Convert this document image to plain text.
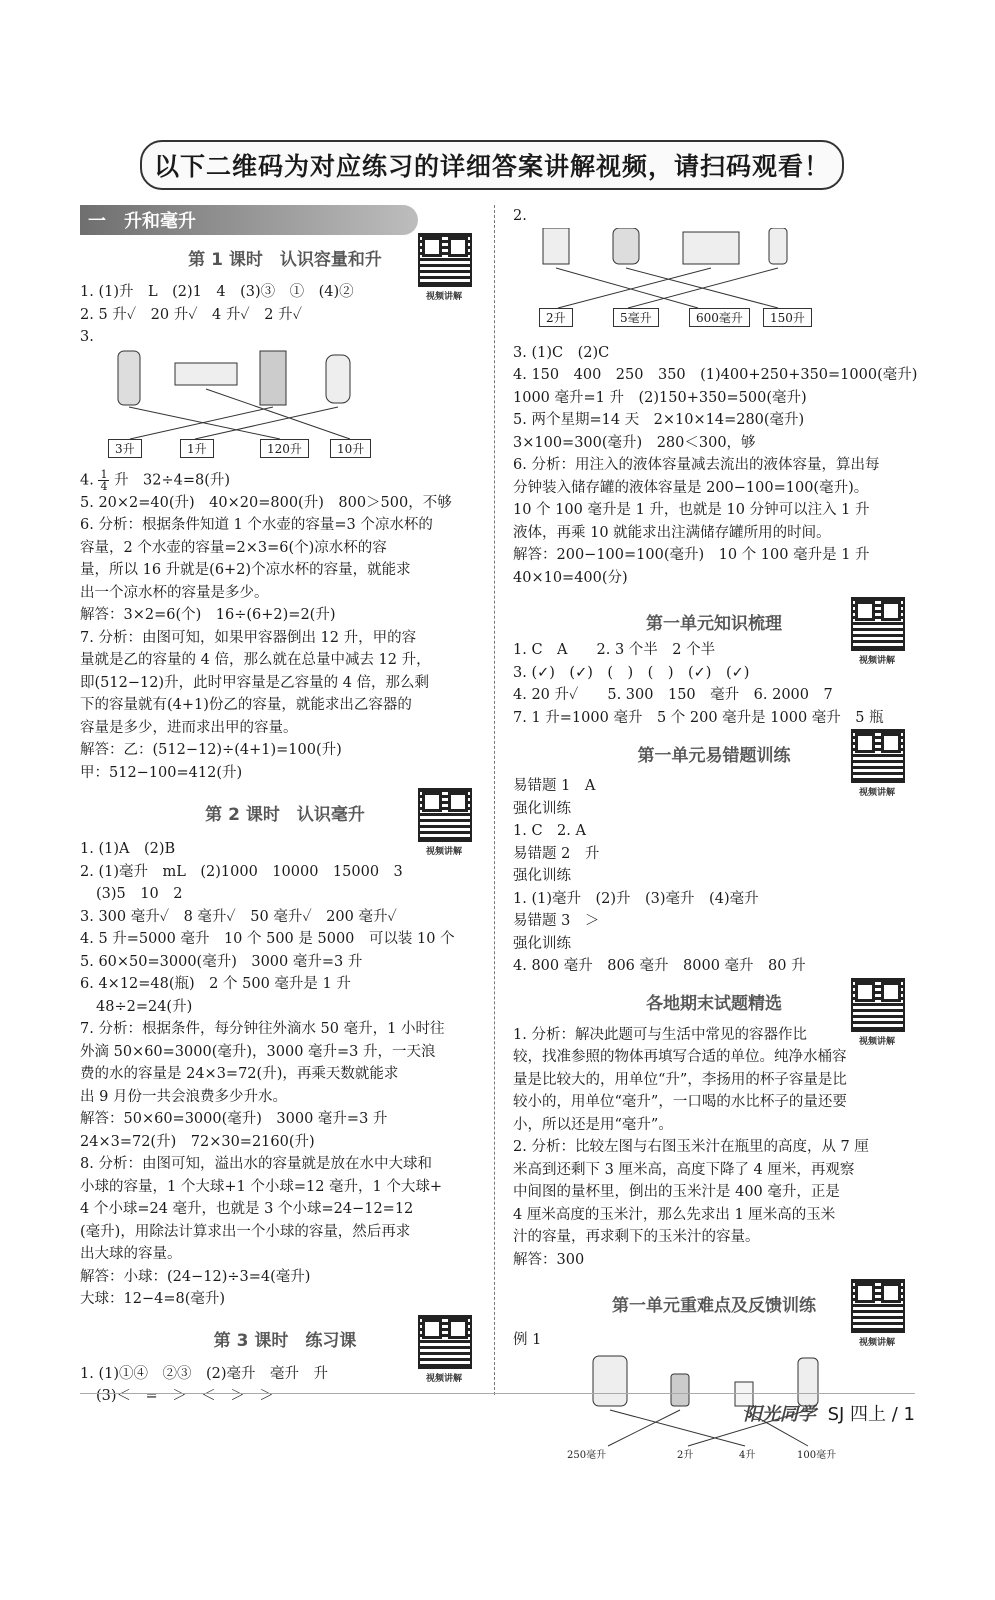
以下二维码为对应练习的详细答案讲解视频，请扫码观看！
一　升和毫升
第 1 课时　认识容量和升
视频讲解
1. (1)升　L　(2)1　4　(3)③　①　(4)②
2. 5 升✓　20 升✓　4 升✓　2 升✓
3.
3升	1升	120升	10升
4. $\frac{1}{4}$ 升　32÷4=8(升)
5. 20×2=40(升)　40×20=800(升)　800＞500，不够
6. 分析：根据条件知道 1 个水壶的容量=3 个凉水杯的
容量，2 个水壶的容量=2×3=6(个)凉水杯的容
量，所以 16 升就是(6+2)个凉水杯的容量，就能求
出一个凉水杯的容量是多少。
解答：3×2=6(个)　16÷(6+2)=2(升)
7. 分析：由图可知，如果甲容器倒出 12 升，甲的容
量就是乙的容量的 4 倍，那么就在总量中减去 12 升，
即(512−12)升，此时甲容量是乙容量的 4 倍，那么剩
下的容量就有(4+1)份乙的容量，就能求出乙容器的
容量是多少，进而求出甲的容量。
解答：乙：(512−12)÷(4+1)=100(升)
甲：512−100=412(升)
第 2 课时　认识毫升
视频讲解
1. (1)A　(2)B
2. (1)毫升　mL　(2)1000　10000　15000　3
(3)5　10　2
3. 300 毫升✓　8 毫升✓　50 毫升✓　200 毫升✓
4. 5 升=5000 毫升　10 个 500 是 5000　可以装 10 个
5. 60×50=3000(毫升)　3000 毫升=3 升
6. 4×12=48(瓶)　2 个 500 毫升是 1 升
48÷2=24(升)
7. 分析：根据条件，每分钟往外滴水 50 毫升，1 小时往
外滴 50×60=3000(毫升)，3000 毫升=3 升，一天浪
费的水的容量是 24×3=72(升)，再乘天数就能求
出 9 月份一共会浪费多少升水。
解答：50×60=3000(毫升)　3000 毫升=3 升
24×3=72(升)　72×30=2160(升)
8. 分析：由图可知，溢出水的容量就是放在水中大球和
小球的容量，1 个大球+1 个小球=12 毫升，1 个大球+
4 个小球=24 毫升，也就是 3 个小球=24−12=12
(毫升)，用除法计算求出一个小球的容量，然后再求
出大球的容量。
解答：小球：(24−12)÷3=4(毫升)
大球：12−4=8(毫升)
第 3 课时　练习课
视频讲解
1. (1)①④　②③　(2)毫升　毫升　升
(3)＜　=　＞　＜　＞　＞
2.
2升	5毫升	600毫升	150升
3. (1)C　(2)C
4. 150　400　250　350　(1)400+250+350=1000(毫升)
1000 毫升=1 升　(2)150+350=500(毫升)
5. 两个星期=14 天　2×10×14=280(毫升)
3×100=300(毫升)　280＜300，够
6. 分析：用注入的液体容量减去流出的液体容量，算出每
分钟装入储存罐的液体容量是 200−100=100(毫升)。
10 个 100 毫升是 1 升，也就是 10 分钟可以注入 1 升
液体，再乘 10 就能求出注满储存罐所用的时间。
解答：200−100=100(毫升)　10 个 100 毫升是 1 升
40×10=400(分)
第一单元知识梳理
视频讲解
1. C　A　　2. 3 个半　2 个半
3. (✓)　(✓)　(　)　(　)　(✓)　(✓)
4. 20 升✓　　5. 300　150　毫升　6. 2000　7
7. 1 升=1000 毫升　5 个 200 毫升是 1000 毫升　5 瓶
第一单元易错题训练
视频讲解
易错题 1　A
强化训练
1. C　2. A
易错题 2　升
强化训练
1. (1)毫升　(2)升　(3)毫升　(4)毫升
易错题 3　＞
强化训练
4. 800 毫升　806 毫升　8000 毫升　80 升
各地期末试题精选
视频讲解
1. 分析：解决此题可与生活中常见的容器作比
较，找准参照的物体再填写合适的单位。纯净水桶容
量是比较大的，用单位“升”，李扬用的杯子容量是比
较小的，用单位“毫升”，一口喝的水比杯子的量还要
小，所以还是用“毫升”。
2. 分析：比较左图与右图玉米汁在瓶里的高度，从 7 厘
米高到还剩下 3 厘米高，高度下降了 4 厘米，再观察
中间图的量杯里，倒出的玉米汁是 400 毫升，正是
4 厘米高度的玉米汁，那么先求出 1 厘米高的玉米
汁的容量，再求剩下的玉米汁的容量。
解答：300
第一单元重难点及反馈训练
视频讲解
例 1
250毫升	2升	4升	100毫升
阳光同学 SJ 四上 / 1
